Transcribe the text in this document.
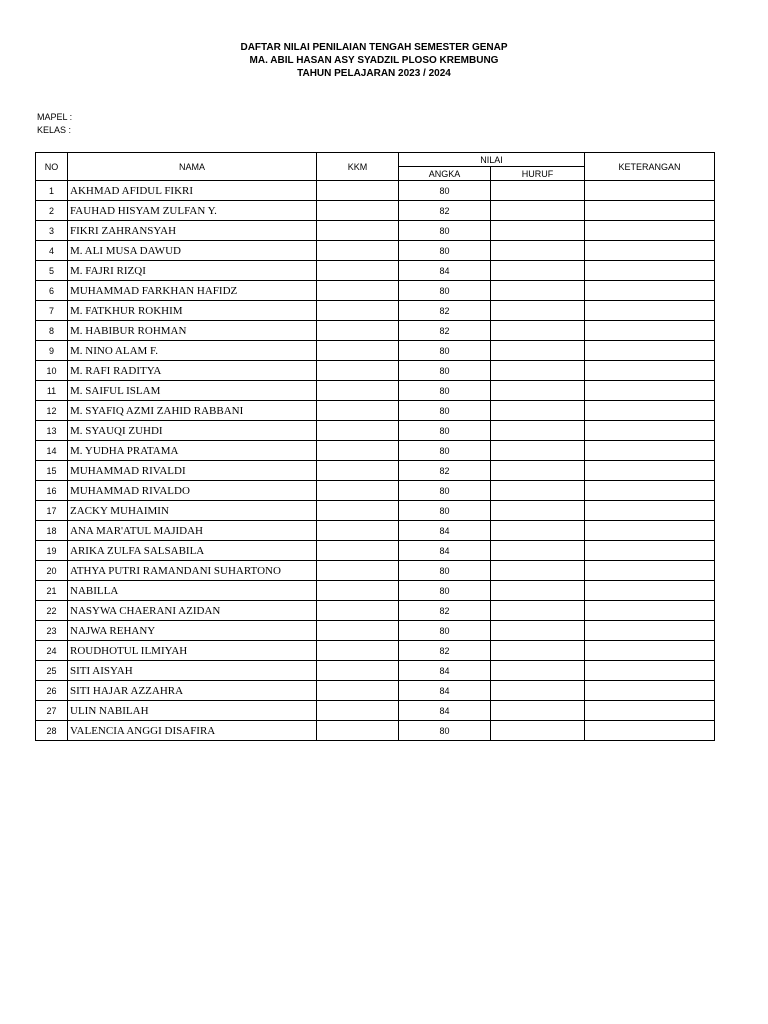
DAFTAR NILAI PENILAIAN TENGAH SEMESTER GENAP
MA. ABIL HASAN ASY SYADZIL PLOSO KREMBUNG
TAHUN PELAJARAN 2023 / 2024
MAPEL :
KELAS :
NO	NAMA	KKM	NILAI		KETERANGAN
			ANGKA	HURUF	
1	AKHMAD AFIDUL FIKRI		80		
2	FAUHAD HISYAM ZULFAN Y.		82		
3	FIKRI ZAHRANSYAH		80		
4	M. ALI MUSA DAWUD		80		
5	M. FAJRI RIZQI		84		
6	MUHAMMAD FARKHAN HAFIDZ		80		
7	M. FATKHUR ROKHIM		82		
8	M. HABIBUR ROHMAN		82		
9	M. NINO ALAM F.		80		
10	M. RAFI RADITYA		80		
11	M. SAIFUL ISLAM		80		
12	M. SYAFIQ AZMI ZAHID RABBANI		80		
13	M. SYAUQI ZUHDI		80		
14	M. YUDHA PRATAMA		80		
15	MUHAMMAD RIVALDI		82		
16	MUHAMMAD RIVALDO		80		
17	ZACKY MUHAIMIN		80		
18	ANA MAR'ATUL MAJIDAH		84		
19	ARIKA ZULFA SALSABILA		84		
20	ATHYA PUTRI RAMANDANI SUHARTONO		80		
21	NABILLA		80		
22	NASYWA CHAERANI AZIDAN		82		
23	NAJWA REHANY		80		
24	ROUDHOTUL ILMIYAH		82		
25	SITI AISYAH		84		
26	SITI HAJAR AZZAHRA		84		
27	ULIN NABILAH		84		
28	VALENCIA ANGGI DISAFIRA		80		
